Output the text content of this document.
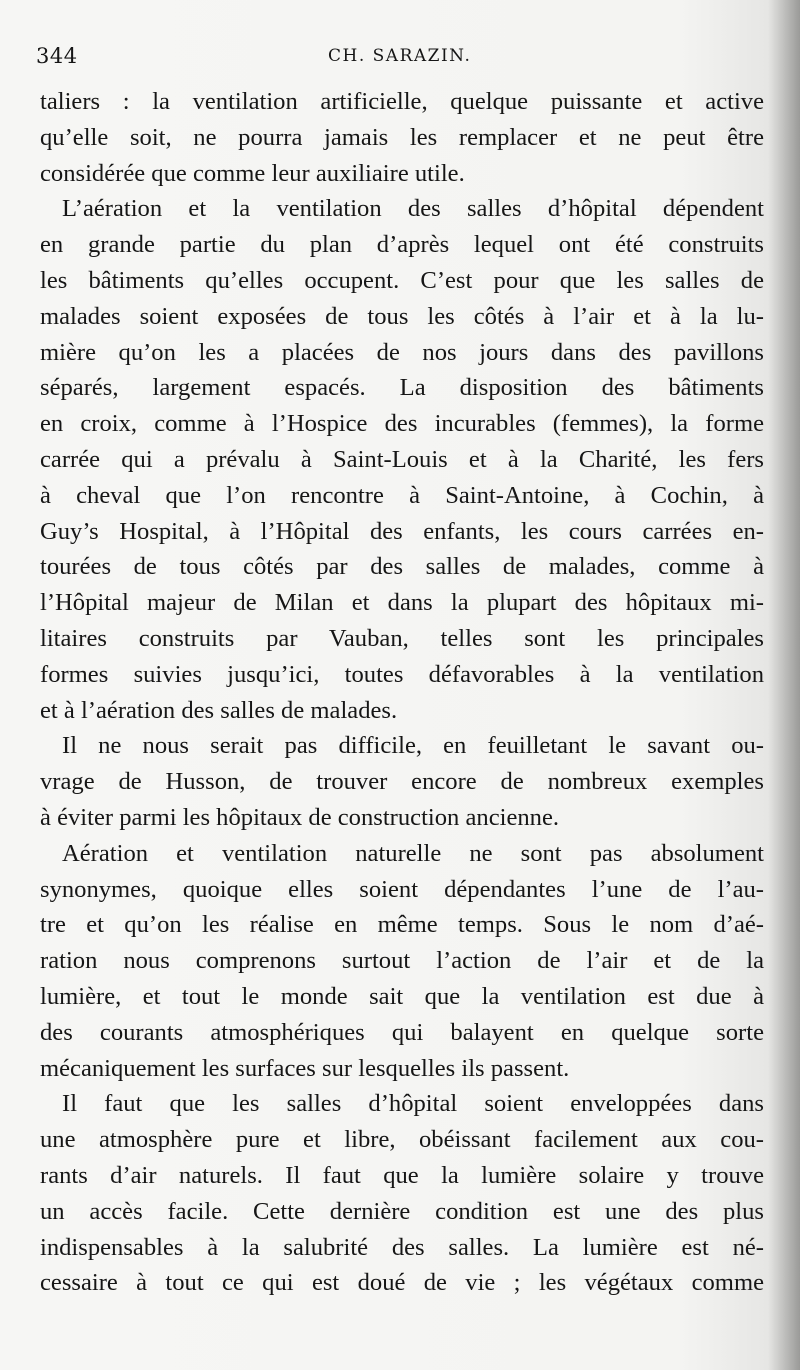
344	CH. SARAZIN.
taliers : la ventilation artificielle, quelque puissante et active
qu’elle soit, ne pourra jamais les remplacer et ne peut être
considérée que comme leur auxiliaire utile.
L’aération et la ventilation des salles d’hôpital dépendent
en grande partie du plan d’après lequel ont été construits
les bâtiments qu’elles occupent. C’est pour que les salles de
malades soient exposées de tous les côtés à l’air et à la lu-
mière qu’on les a placées de nos jours dans des pavillons
séparés, largement espacés. La disposition des bâtiments
en croix, comme à l’Hospice des incurables (femmes), la forme
carrée qui a prévalu à Saint-Louis et à la Charité, les fers
à cheval que l’on rencontre à Saint-Antoine, à Cochin, à
Guy’s Hospital, à l’Hôpital des enfants, les cours carrées en-
tourées de tous côtés par des salles de malades, comme à
l’Hôpital majeur de Milan et dans la plupart des hôpitaux mi-
litaires construits par Vauban, telles sont les principales
formes suivies jusqu’ici, toutes défavorables à la ventilation
et à l’aération des salles de malades.
Il ne nous serait pas difficile, en feuilletant le savant ou-
vrage de Husson, de trouver encore de nombreux exemples
à éviter parmi les hôpitaux de construction ancienne.
Aération et ventilation naturelle ne sont pas absolument
synonymes, quoique elles soient dépendantes l’une de l’au-
tre et qu’on les réalise en même temps. Sous le nom d’aé-
ration nous comprenons surtout l’action de l’air et de la
lumière, et tout le monde sait que la ventilation est due à
des courants atmosphériques qui balayent en quelque sorte
mécaniquement les surfaces sur lesquelles ils passent.
Il faut que les salles d’hôpital soient enveloppées dans
une atmosphère pure et libre, obéissant facilement aux cou-
rants d’air naturels. Il faut que la lumière solaire y trouve
un accès facile. Cette dernière condition est une des plus
indispensables à la salubrité des salles. La lumière est né-
cessaire à tout ce qui est doué de vie ; les végétaux comme
